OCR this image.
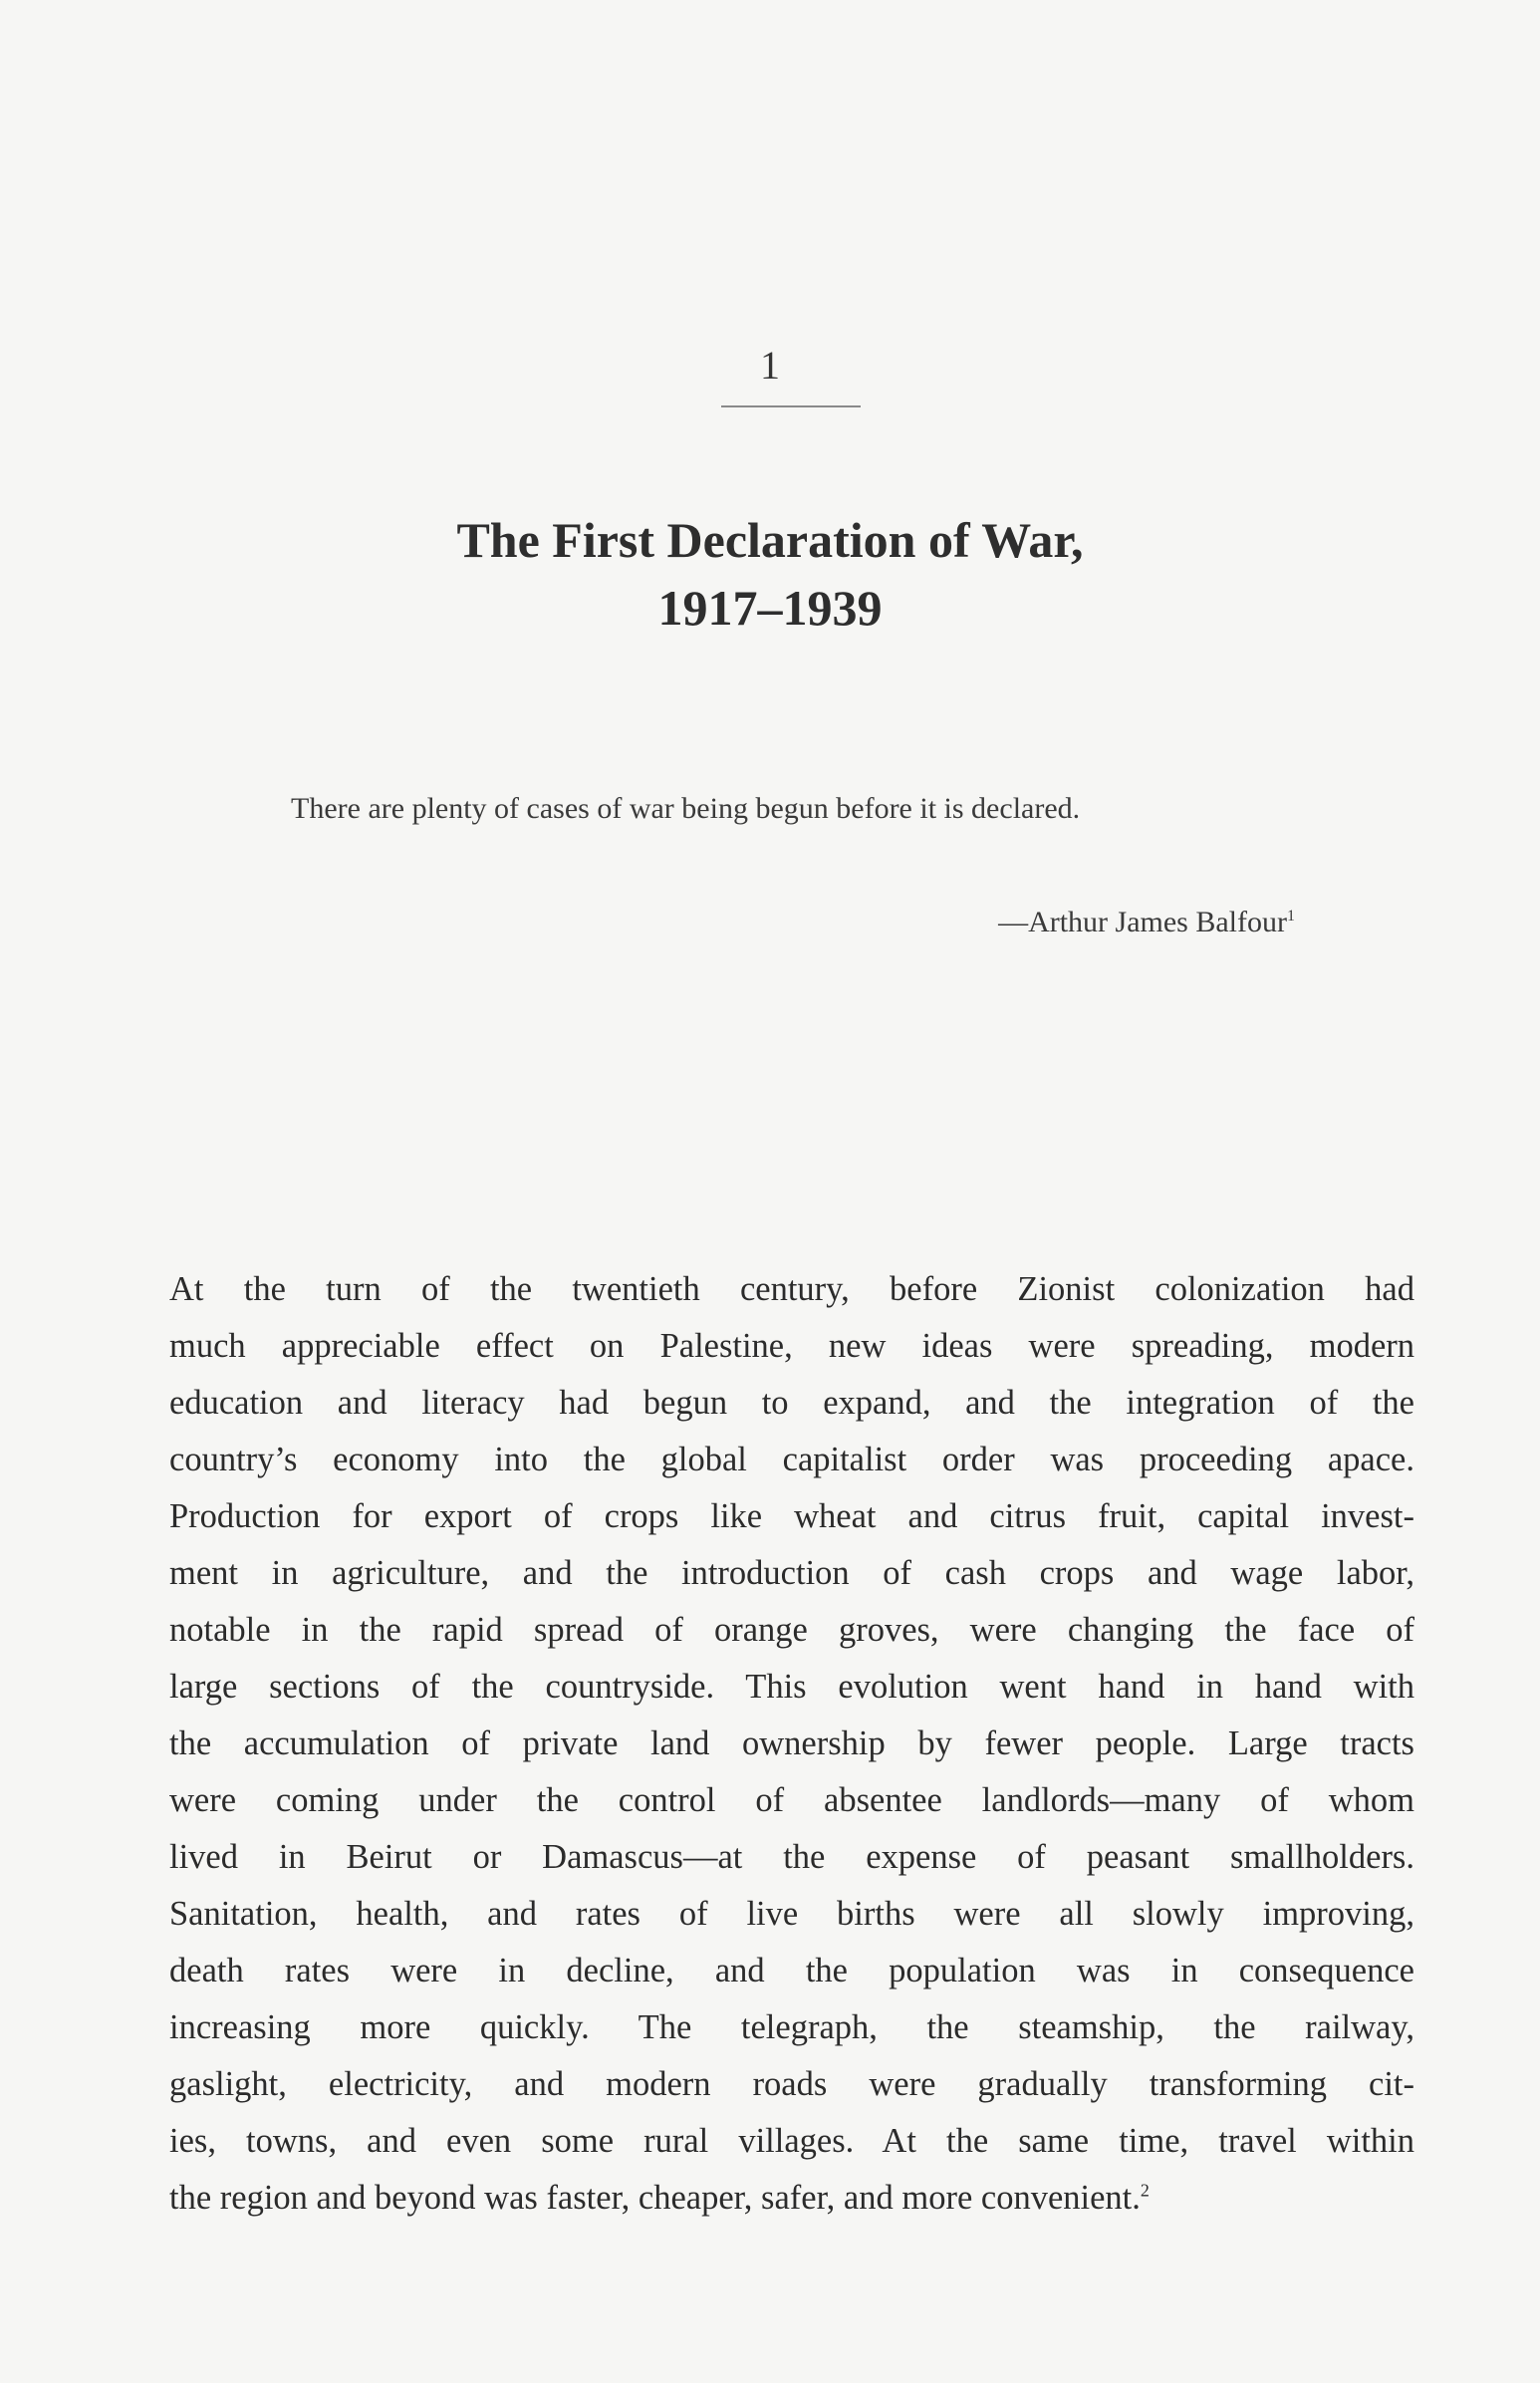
1
The First Declaration of War,
1917–1939
There are plenty of cases of war being begun before it is declared.
—Arthur James Balfour$^1$
At the turn of the twentieth century, before Zionist colonization had
much appreciable effect on Palestine, new ideas were spreading, modern
education and literacy had begun to expand, and the integration of the
country’s economy into the global capitalist order was proceeding apace.
Production for export of crops like wheat and citrus fruit, capital invest-
ment in agriculture, and the introduction of cash crops and wage labor,
notable in the rapid spread of orange groves, were changing the face of
large sections of the countryside. This evolution went hand in hand with
the accumulation of private land ownership by fewer people. Large tracts
were coming under the control of absentee landlords—many of whom
lived in Beirut or Damascus—at the expense of peasant smallholders.
Sanitation, health, and rates of live births were all slowly improving,
death rates were in decline, and the population was in consequence
increasing more quickly. The telegraph, the steamship, the railway,
gaslight, electricity, and modern roads were gradually transforming cit-
ies, towns, and even some rural villages. At the same time, travel within
the region and beyond was faster, cheaper, safer, and more convenient.$^2$
